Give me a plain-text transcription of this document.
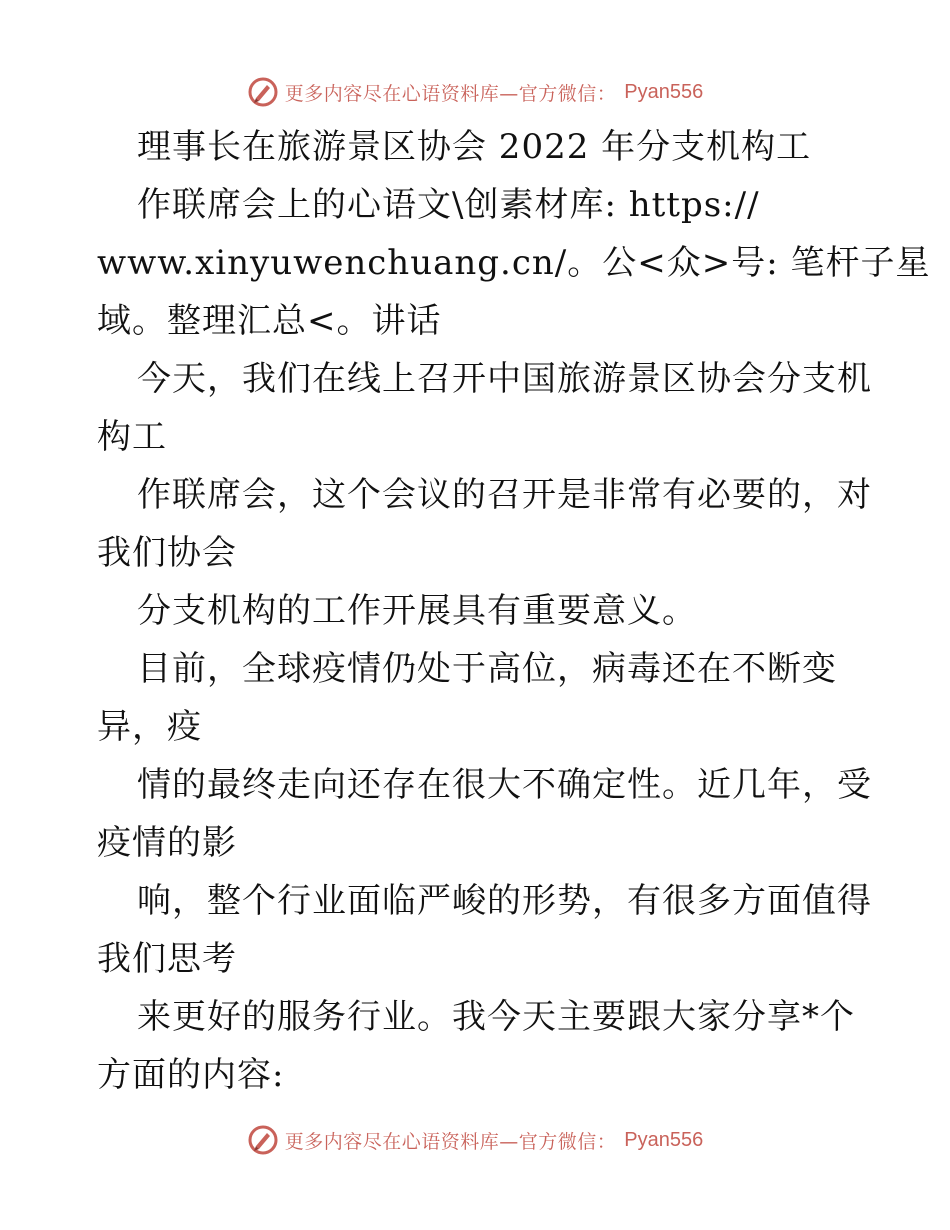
更多内容尽在心语资料库—官方微信： Pyan556
理事长在旅游景区协会 2022 年分支机构工
作联席会上的心语文\创素材库: https://
www.xinyuwenchuang.cn/。公<众>号: 笔杆子星
域。整理汇总<。讲话
今天，我们在线上召开中国旅游景区协会分支机
构工
作联席会，这个会议的召开是非常有必要的，对
我们协会
分支机构的工作开展具有重要意义。
目前，全球疫情仍处于高位，病毒还在不断变
异，疫
情的最终走向还存在很大不确定性。近几年，受
疫情的影
响，整个行业面临严峻的形势，有很多方面值得
我们思考
来更好的服务行业。我今天主要跟大家分享*个
方面的内容:
更多内容尽在心语资料库—官方微信： Pyan556
